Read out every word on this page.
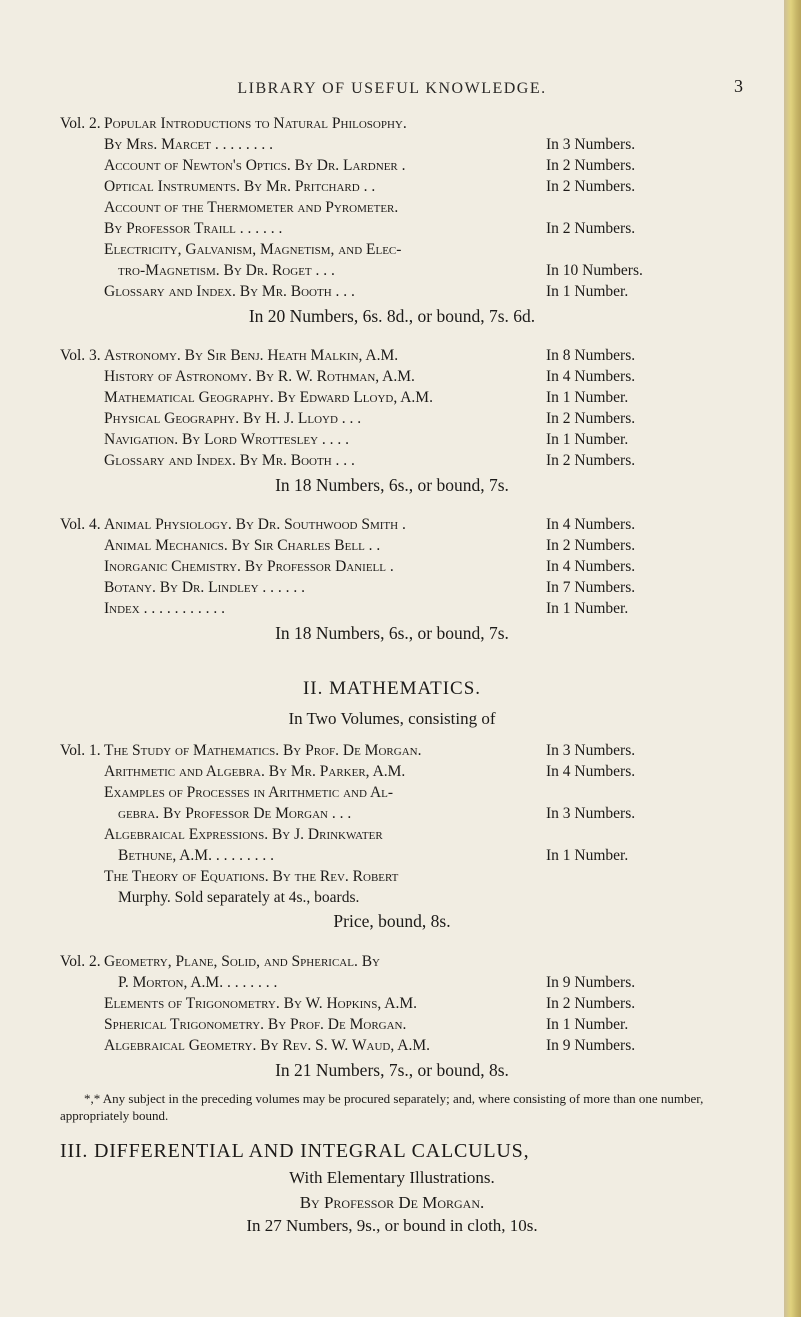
LIBRARY OF USEFUL KNOWLEDGE.	3
Vol. 2. Popular Introductions to Natural Philosophy.
By Mrs. Marcet . . . . . . . .	In 3 Numbers.
Account of Newton's Optics. By Dr. Lardner .	In 2 Numbers.
Optical Instruments. By Mr. Pritchard . .	In 2 Numbers.
Account of the Thermometer and Pyrometer.
By Professor Traill . . . . . .	In 2 Numbers.
Electricity, Galvanism, Magnetism, and Elec-
tro-Magnetism. By Dr. Roget . . .	In 10 Numbers.
Glossary and Index. By Mr. Booth . . .	In 1 Number.
In 20 Numbers, 6s. 8d., or bound, 7s. 6d.
Vol. 3. Astronomy. By Sir Benj. Heath Malkin, A.M.	In 8 Numbers.
History of Astronomy. By R. W. Rothman, A.M.	In 4 Numbers.
Mathematical Geography. By Edward Lloyd, A.M.	In 1 Number.
Physical Geography. By H. J. Lloyd . . .	In 2 Numbers.
Navigation. By Lord Wrottesley . . . .	In 1 Number.
Glossary and Index. By Mr. Booth . . .	In 2 Numbers.
In 18 Numbers, 6s., or bound, 7s.
Vol. 4. Animal Physiology. By Dr. Southwood Smith .	In 4 Numbers.
Animal Mechanics. By Sir Charles Bell . .	In 2 Numbers.
Inorganic Chemistry. By Professor Daniell .	In 4 Numbers.
Botany. By Dr. Lindley . . . . . .	In 7 Numbers.
Index . . . . . . . . . . .	In 1 Number.
In 18 Numbers, 6s., or bound, 7s.
II. MATHEMATICS.
In Two Volumes, consisting of
Vol. 1. The Study of Mathematics. By Prof. De Morgan.	In 3 Numbers.
Arithmetic and Algebra. By Mr. Parker, A.M.	In 4 Numbers.
Examples of Processes in Arithmetic and Al-
gebra. By Professor De Morgan . . .	In 3 Numbers.
Algebraical Expressions. By J. Drinkwater
Bethune, A.M. . . . . . . . .	In 1 Number.
The Theory of Equations. By the Rev. Robert
Murphy. Sold separately at 4s., boards.
Price, bound, 8s.
Vol. 2. Geometry, Plane, Solid, and Spherical. By
P. Morton, A.M. . . . . . . .	In 9 Numbers.
Elements of Trigonometry. By W. Hopkins, A.M.	In 2 Numbers.
Spherical Trigonometry. By Prof. De Morgan.	In 1 Number.
Algebraical Geometry. By Rev. S. W. Waud, A.M.	In 9 Numbers.
In 21 Numbers, 7s., or bound, 8s.
*,* Any subject in the preceding volumes may be procured separately; and, where consisting of more than one number, appropriately bound.
III. DIFFERENTIAL AND INTEGRAL CALCULUS,
With Elementary Illustrations.
By Professor De Morgan.
In 27 Numbers, 9s., or bound in cloth, 10s.
